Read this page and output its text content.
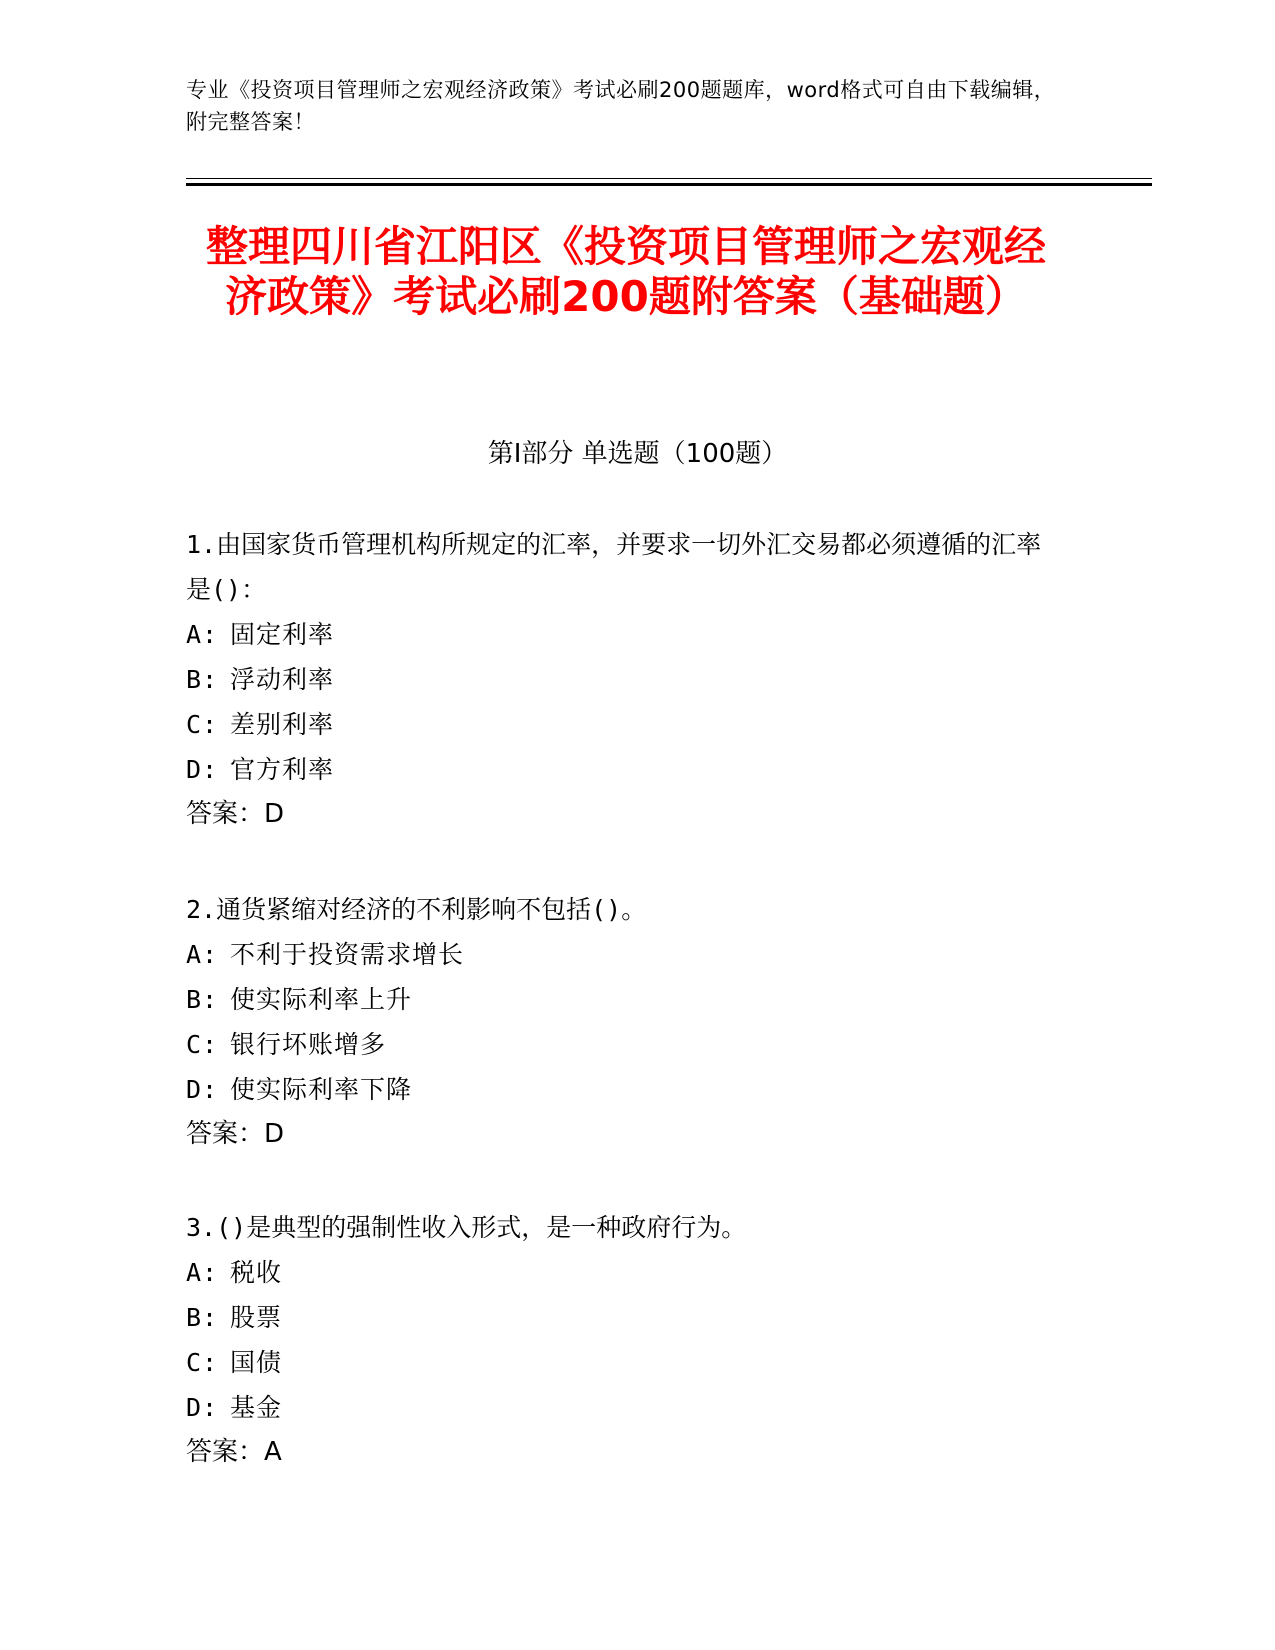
专业《投资项目管理师之宏观经济政策》考试必刷200题题库，word格式可自由下载编辑，附完整答案！
整理四川省江阳区《投资项目管理师之宏观经济政策》考试必刷200题附答案（基础题）
第I部分 单选题（100题）
1.由国家货币管理机构所规定的汇率，并要求一切外汇交易都必须遵循的汇率是()：
A: 固定利率
B: 浮动利率
C: 差别利率
D: 官方利率
答案：D
2.通货紧缩对经济的不利影响不包括()。
A: 不利于投资需求增长
B: 使实际利率上升
C: 银行坏账增多
D: 使实际利率下降
答案：D
3.()是典型的强制性收入形式，是一种政府行为。
A: 税收
B: 股票
C: 国债
D: 基金
答案：A
